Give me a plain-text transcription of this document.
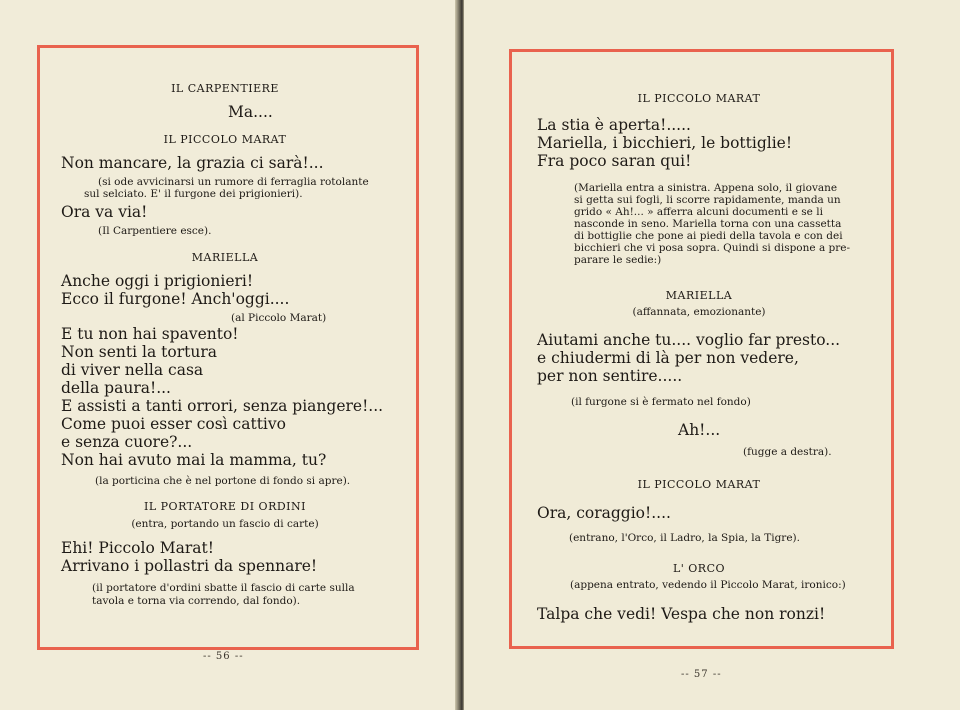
IL CARPENTIERE
Ma....
IL PICCOLO MARAT
Non mancare, la grazia ci sarà!...
(si ode avvicinarsi un rumore di ferraglia rotolante
sul selciato. E' il furgone dei prigionieri).
Ora va via!
(Il Carpentiere esce).
MARIELLA
Anche oggi i prigionieri!
Ecco il furgone! Anch'oggi....
(al Piccolo Marat)
E tu non hai spavento!
Non senti la tortura
di viver nella casa
della paura!...
E assisti a tanti orrori, senza piangere!...
Come puoi esser così cattivo
e senza cuore?...
Non hai avuto mai la mamma, tu?
(la porticina che è nel portone di fondo si apre).
IL PORTATORE DI ORDINI
(entra, portando un fascio di carte)
Ehi! Piccolo Marat!
Arrivano i pollastri da spennare!
(il portatore d'ordini sbatte il fascio di carte sulla
tavola e torna via correndo, dal fondo).
-- 56 --
IL PICCOLO MARAT
La stia è aperta!.....
Mariella, i bicchieri, le bottiglie!
Fra poco saran qui!
(Mariella entra a sinistra. Appena solo, il giovane
si getta sui fogli, li scorre rapidamente, manda un
grido « Ah!... » afferra alcuni documenti e se li
nasconde in seno. Mariella torna con una cassetta
di bottiglie che pone ai piedi della tavola e con dei
bicchieri che vi posa sopra. Quindi si dispone a pre-
parare le sedie:)
MARIELLA
(affannata, emozionante)
Aiutami anche tu.... voglio far presto...
e chiudermi di là per non vedere,
per non sentire.....
(il furgone si è fermato nel fondo)
Ah!...
(fugge a destra).
IL PICCOLO MARAT
Ora, coraggio!....
(entrano, l'Orco, il Ladro, la Spia, la Tigre).
L' ORCO
(appena entrato, vedendo il Piccolo Marat, ironico:)
Talpa che vedi! Vespa che non ronzi!
-- 57 --
